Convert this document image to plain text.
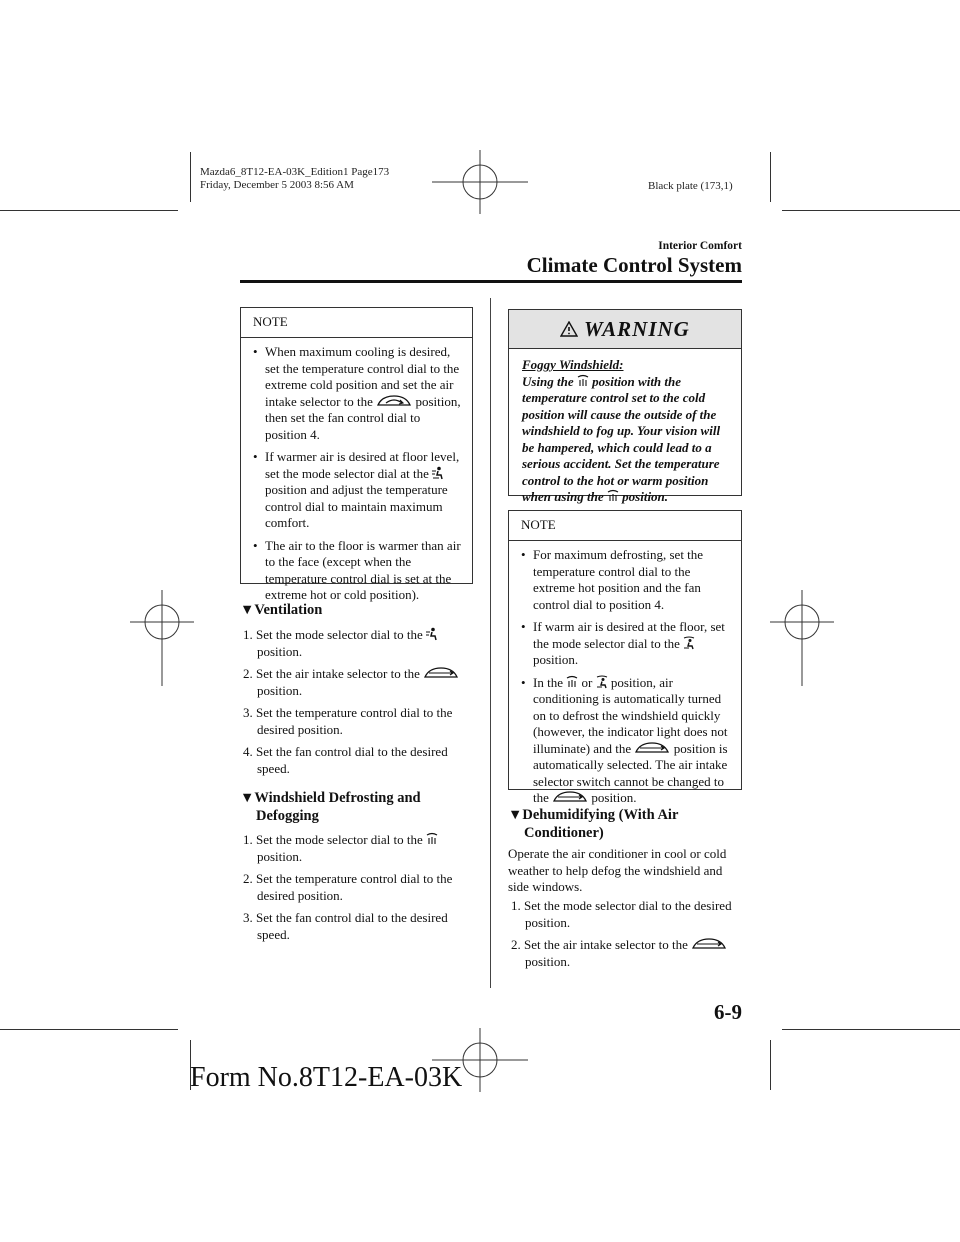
Mazda6_8T12-EA-03K_Edition1 Page173
Friday, December 5 2003 8:56 AM	Black plate (173,1)
Interior Comfort
Climate Control System
NOTE
• When maximum cooling is desired, set the temperature control dial to the extreme cold position and set the air intake selector to the	position, then set the fan control dial to position 4.
• If warmer air is desired at floor level, set the mode selector dial at the  position and adjust the temperature control dial to maintain maximum comfort.
• The air to the floor is warmer than air to the face (except when the temperature control dial is set at the extreme hot or cold position).
▼Ventilation
1. Set the mode selector dial to the  position.
2. Set the air intake selector to the  position.
3. Set the temperature control dial to the desired position.
4. Set the fan control dial to the desired speed.
▼Windshield Defrosting and Defogging
1. Set the mode selector dial to the  position.
2. Set the temperature control dial to the desired position.
3. Set the fan control dial to the desired speed.
WARNING
Foggy Windshield:
Using the position with the temperature control set to the cold position will cause the outside of the windshield to fog up. Your vision will be hampered, which could lead to a serious accident. Set the temperature control to the hot or warm position when using the position.
NOTE
• For maximum defrosting, set the temperature control dial to the extreme hot position and the fan control dial to position 4.
• If warm air is desired at the floor, set the mode selector dial to the  position.
• In the or position, air conditioning is automatically turned on to defrost the windshield quickly (however, the indicator light does not illuminate) and the	position is automatically selected. The air intake selector switch cannot be changed to the	position.
▼Dehumidifying (With Air Conditioner)
Operate the air conditioner in cool or cold weather to help defog the windshield and side windows.
1. Set the mode selector dial to the desired position.
2. Set the air intake selector to the  position.
6-9
Form No.8T12-EA-03K
